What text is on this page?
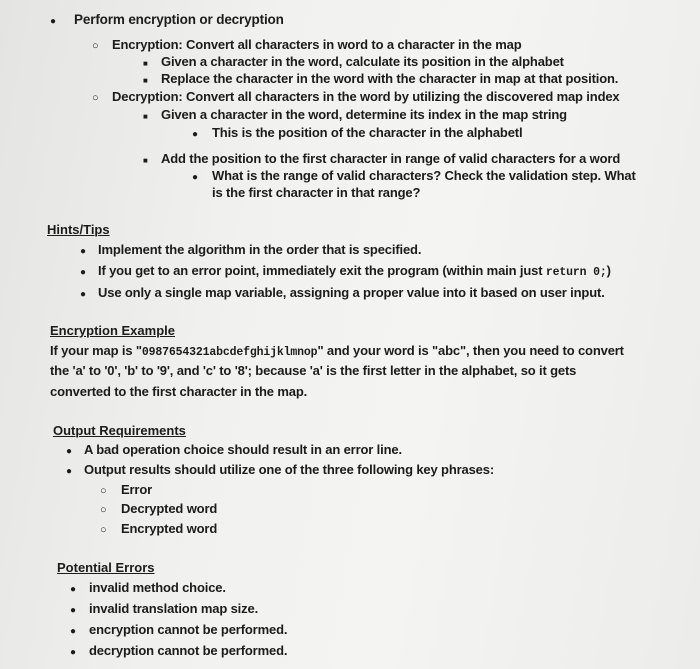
●
Perform encryption or decryption
○
Encryption: Convert all characters in word to a character in the map
■
Given a character in the word, calculate its position in the alphabet
■
Replace the character in the word with the character in map at that position.
○
Decryption: Convert all characters in the word by utilizing the discovered map index
■
Given a character in the word, determine its index in the map string
●
This is the position of the character in the alphabetl
■
Add the position to the first character in range of valid characters for a word
●
What is the range of valid characters? Check the validation step. What
is the first character in that range?
Hints/Tips
●
Implement the algorithm in the order that is specified.
●
If you get to an error point, immediately exit the program (within main just return 0;)
●
Use only a single map variable, assigning a proper value into it based on user input.
Encryption Example
If your map is "0987654321abcdefghijklmnop" and your word is "abc", then you need to convert
the 'a' to '0', 'b' to '9', and 'c' to '8'; because 'a' is the first letter in the alphabet, so it gets
converted to the first character in the map.
Output Requirements
●
A bad operation choice should result in an error line.
●
Output results should utilize one of the three following key phrases:
○
Error
○
Decrypted word
○
Encrypted word
Potential Errors
●
invalid method choice.
●
invalid translation map size.
●
encryption cannot be performed.
●
decryption cannot be performed.
